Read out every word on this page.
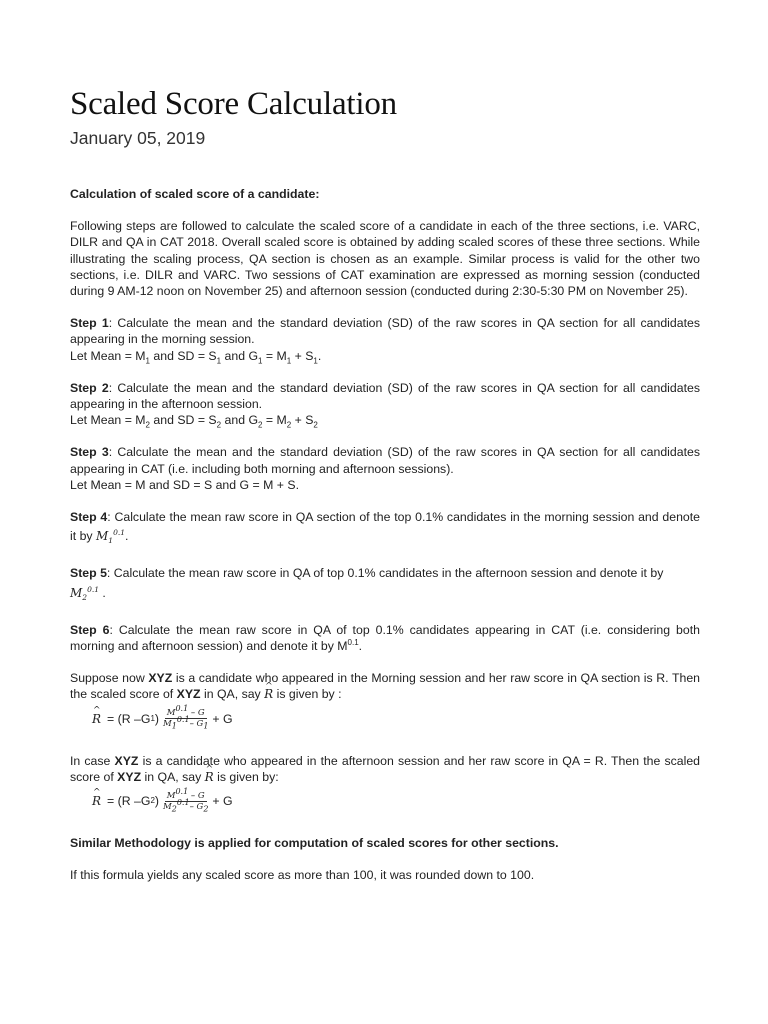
Scaled Score Calculation
January 05, 2019

Calculation of scaled score of a candidate:

Following steps are followed to calculate the scaled score of a candidate in each of the three sections, i.e. VARC, DILR and QA in CAT 2018. Overall scaled score is obtained by adding scaled scores of these three sections. While illustrating the scaling process, QA section is chosen as an example. Similar process is valid for the other two sections, i.e. DILR and VARC. Two sessions of CAT examination are expressed as morning session (conducted during 9 AM-12 noon on November 25) and afternoon session (conducted during 2:30-5:30 PM on November 25).

Step 1: Calculate the mean and the standard deviation (SD) of the raw scores in QA section for all candidates appearing in the morning session.
Let Mean = $M_1$ and SD = $S_1$ and $G_1 = M_1 + S_1$.

Step 2: Calculate the mean and the standard deviation (SD) of the raw scores in QA section for all candidates appearing in the afternoon session.
Let Mean = $M_2$ and SD = $S_2$ and $G_2 = M_2 + S_2$

Step 3: Calculate the mean and the standard deviation (SD) of the raw scores in QA section for all candidates appearing in CAT (i.e. including both morning and afternoon sessions).
Let Mean = M and SD = S and G = M + S.

Step 4: Calculate the mean raw score in QA section of the top 0.1% candidates in the morning session and denote it by $M_1^{0.1}$.

Step 5: Calculate the mean raw score in QA of top 0.1% candidates in the afternoon session and denote it by
$M_2^{0.1}$ .

Step 6: Calculate the mean raw score in QA of top 0.1% candidates appearing in CAT (i.e. considering both morning and afternoon session) and denote it by $M^{0.1}$.

Suppose now XYZ is a candidate who appeared in the Morning session and her raw score in QA section is R. Then the scaled score of XYZ in QA, say ^ R is given by :

^ R = (R –G 1 ) $\frac{M^{0.1} - G}{M_1^{0.1}- G_1} + G$

In case XYZ is a candidate who appeared in the afternoon session and her raw score in QA = R. Then the scaled score of XYZ in QA, say ^ R is given by:

^ R = (R –G 2 ) $\frac{M^{0.1} - G}{M_2^{0.1}- G_2} + G$

Similar Methodology is applied for computation of scaled scores for other sections.

If this formula yields any scaled score as more than 100, it was rounded down to 100.
